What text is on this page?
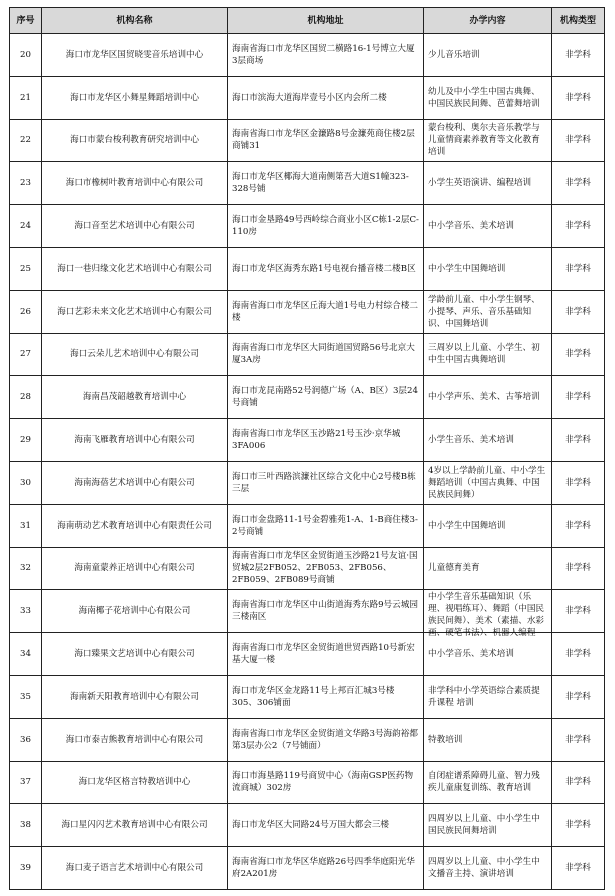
序号	机构名称	机构地址	办学内容	机构类型

20	海口市龙华区国贸晓雯音乐培训中心	海南省海口市龙华区国贸二横路16-1号博立大厦3层商场	少儿音乐培训	非学科

21	海口市龙华区小舞星舞蹈培训中心	海口市滨海大道海岸壹号小区内会所二楼	幼儿及中小学生中国古典舞、中国民族民间舞、芭蕾舞培训	非学科

22	海口市蒙台梭利教育研究培训中心	海南省海口市龙华区金濂路8号金濂苑商住楼2层商铺31	蒙台梭利、奥尔夫音乐教学与儿童情商素养教育等文化教育培训	非学科

23	海口市橡树叶教育培训中心有限公司	海口市龙华区椰海大道南侧第吾大道S1幢323-328号铺	小学生英语演讲、编程培训	非学科

24	海口音至艺术培训中心有限公司	海口市金垦路49号西岭综合商业小区C栋1-2层C-110房	中小学音乐、美术培训	非学科

25	海口一巷归缘文化艺术培训中心有限公司	海口市龙华区海秀东路1号电视台播音楼二楼B区	中小学生中国舞培训	非学科

26	海口艺彩未来文化艺术培训中心有限公司	海南省海口市龙华区丘海大道1号电力村综合楼二楼	学龄前儿童、中小学生钢琴、小提琴、声乐、音乐基础知识、中国舞培训	非学科

27	海口云朵儿艺术培训中心有限公司	海南省海口市龙华区大同街道国贸路56号北京大厦3A房	三周岁以上儿童、小学生、初中生中国古典舞培训	非学科

28	海南昌茂韶越教育培训中心	海口市龙昆南路52号润德广场（A、B区）3层24号商铺	中小学声乐、美术、古筝培训	非学科

29	海南飞雁教育培训中心有限公司	海南省海口市龙华区玉沙路21号玉沙·京华城3FA006	小学生音乐、美术培训	非学科

30	海南海蓓艺术培训中心有限公司	海口市三叶西路滨濂社区综合文化中心2号楼B栋三层	4岁以上学龄前儿童、中小学生舞蹈培训（中国古典舞、中国民族民间舞）	非学科

31	海南萌动艺术教育培训中心有限责任公司	海口市金盘路11-1号金碧雅苑1-A、1-B商住楼3-2号商铺	中小学生中国舞培训	非学科

32	海南童蒙养正培训中心有限公司	海南省海口市龙华区金贸街道玉沙路21号友谊·国贸城2层2FB052、2FB053、2FB056、2FB059、2FB089号商铺	儿童德育美育	非学科

33	海南椰子花培训中心有限公司	海南省海口市龙华区中山街道海秀东路9号云城园三楼南区	中小学生音乐基础知识（乐理、视唱练耳）、舞蹈（中国民族民间舞）、美术（素描、水彩画、硬笔书法）、机器人编程	非学科

34	海口臻果文艺培训中心有限公司	海南省海口市龙华区金贸街道世贸西路10号新宏基大厦一楼	中小学音乐、美术培训	非学科

35	海南新天阳教育培训中心有限公司	海口市龙华区金龙路11号上邦百汇城3号楼305、306铺面	非学科中小学英语综合素质提升课程 培训	非学科

36	海口市泰吉熊教育培训中心有限公司	海南省海口市龙华区金贸街道文华路3号海韵裕都第3层办公2（7号铺面）	特教培训	非学科

37	海口龙华区格言特教培训中心	海口市海垦路119号商贸中心（海南GSP医药物流商城）302房	自闭症谱系障碍儿童、智力残疾儿童康复训练、教育培训	非学科

38	海口星闪闪艺术教育培训中心有限公司	海口市龙华区大同路24号万国大都会三楼	四周岁以上儿童、中小学生中国民族民间舞培训	非学科

39	海口麦子语言艺术培训中心有限公司	海南省海口市龙华区华庭路26号四季华庭阳光华府2A201房	四周岁以上儿童、中小学生中文播音主持、演讲培训	非学科
